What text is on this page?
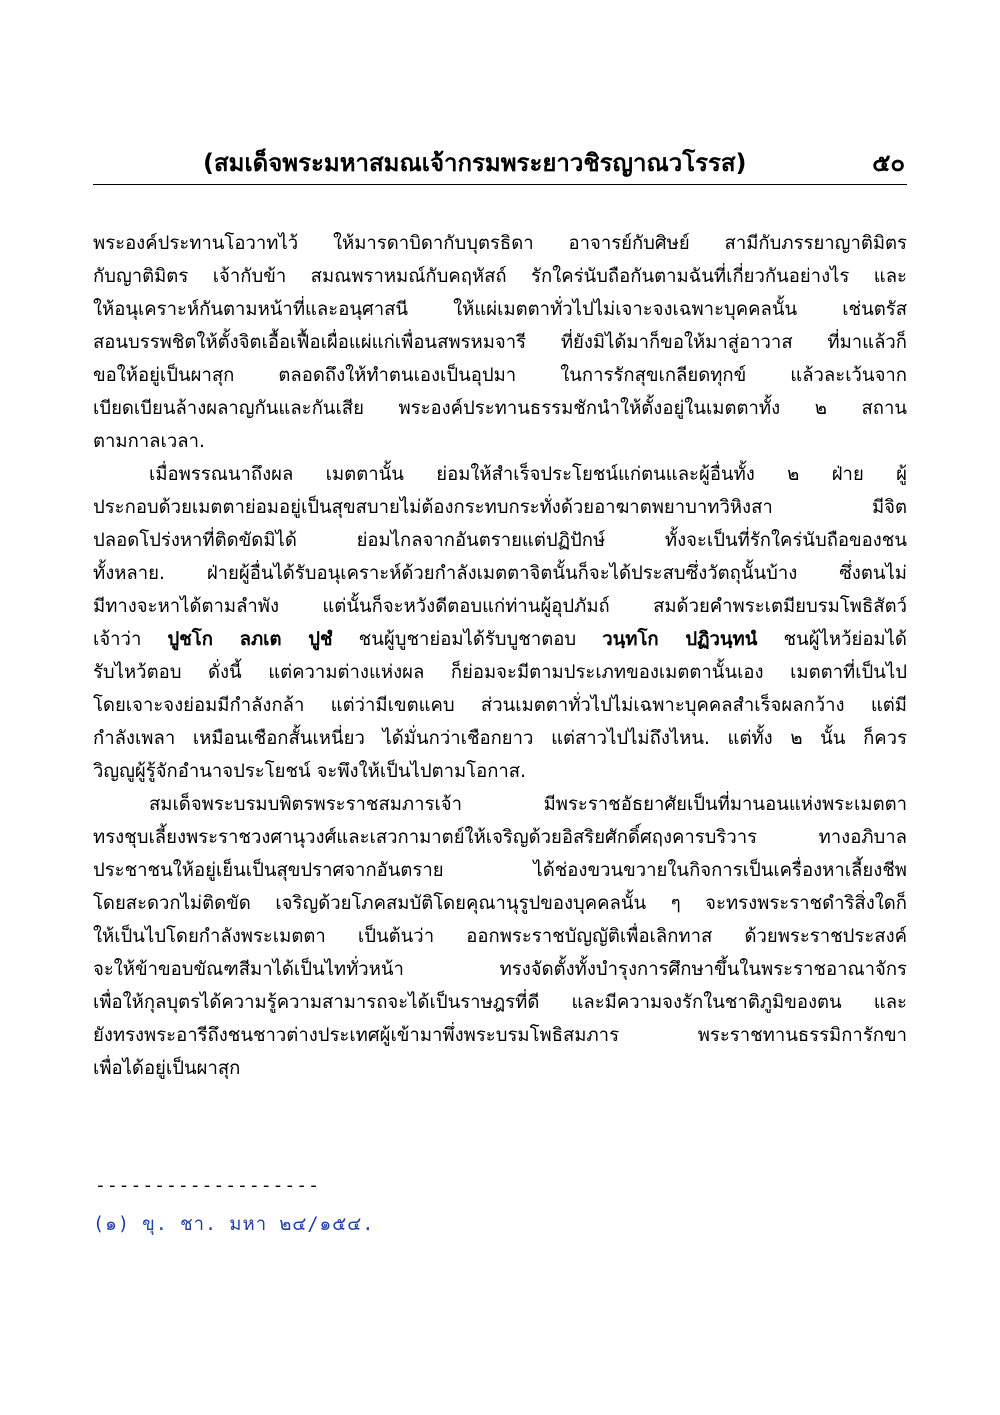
(สมเด็จพระมหาสมณเจ้ากรมพระยาวชิรญาณวโรรส)	๕๐
พระองค์ประทานโอวาทไว้ ให้มารดาบิดากับบุตรธิดา อาจารย์กับศิษย์ สามีกับภรรยาญาติมิตร
กับญาติมิตร เจ้ากับข้า สมณพราหมณ์กับคฤหัสถ์ รักใคร่นับถือกันตามฉันที่เกี่ยวกันอย่างไร และ
ให้อนุเคราะห์กันตามหน้าที่และอนุศาสนี ให้แผ่เมตตาทั่วไปไม่เจาะจงเฉพาะบุคคลนั้น เช่นตรัส
สอนบรรพชิตให้ตั้งจิตเอื้อเฟื้อเผื่อแผ่แก่เพื่อนสพรหมจารี ที่ยังมิได้มาก็ขอให้มาสู่อาวาส ที่มาแล้วก็
ขอให้อยู่เป็นผาสุก ตลอดถึงให้ทำตนเองเป็นอุปมา ในการรักสุขเกลียดทุกข์ แล้วละเว้นจาก
เบียดเบียนล้างผลาญกันและกันเสีย พระองค์ประทานธรรมชักนำให้ตั้งอยู่ในเมตตาทั้ง ๒ สถาน
ตามกาลเวลา.
เมื่อพรรณนาถึงผล เมตตานั้น ย่อมให้สำเร็จประโยชน์แก่ตนและผู้อื่นทั้ง ๒ ฝ่าย ผู้
ประกอบด้วยเมตตาย่อมอยู่เป็นสุขสบายไม่ต้องกระทบกระทั่งด้วยอาฆาตพยาบาทวิหิงสา มีจิต
ปลอดโปร่งหาที่ติดขัดมิได้ ย่อมไกลจากอันตรายแต่ปฏิปักษ์ ทั้งจะเป็นที่รักใคร่นับถือของชน
ทั้งหลาย. ฝ่ายผู้อื่นได้รับอนุเคราะห์ด้วยกำลังเมตตาจิตนั้นก็จะได้ประสบซึ่งวัตถุนั้นบ้าง ซึ่งตนไม่
มีทางจะหาได้ตามลำพัง แต่นั้นก็จะหวังดีตอบแก่ท่านผู้อุปภัมถ์ สมด้วยคำพระเตมียบรมโพธิสัตว์
เจ้าว่า ปูชโก ลภเต ปูชํ ชนผู้บูชาย่อมได้รับบูชาตอบ วนฺทโก ปฏิวนฺทนํ ชนผู้ไหว้ย่อมได้
รับไหว้ตอบ ดั่งนี้ แต่ความต่างแห่งผล ก็ย่อมจะมีตามประเภทของเมตตานั้นเอง เมตตาที่เป็นไป
โดยเจาะจงย่อมมีกำลังกล้า แต่ว่ามีเขตแคบ ส่วนเมตตาทั่วไปไม่เฉพาะบุคคลสำเร็จผลกว้าง แต่มี
กำลังเพลา เหมือนเชือกสั้นเหนี่ยว ได้มั่นกว่าเชือกยาว แต่สาวไปไม่ถึงไหน. แต่ทั้ง ๒ นั้น ก็ควร
วิญญูผู้รู้จักอำนาจประโยชน์ จะพึงให้เป็นไปตามโอกาส.
สมเด็จพระบรมบพิตรพระราชสมภารเจ้า มีพระราชอัธยาศัยเป็นที่มานอนแห่งพระเมตตา
ทรงชุบเลี้ยงพระราชวงศานุวงศ์และเสวกามาตย์ให้เจริญด้วยอิสริยศักดิ์ศฤงคารบริวาร ทางอภิบาล
ประชาชนให้อยู่เย็นเป็นสุขปราศจากอันตราย ได้ช่องขวนขวายในกิจการเป็นเครื่องหาเลี้ยงชีพ
โดยสะดวกไม่ติดขัด เจริญด้วยโภคสมบัติโดยคุณานุรูปของบุคคลนั้น ๆ จะทรงพระราชดำริสิ่งใดก็
ให้เป็นไปโดยกำลังพระเมตตา เป็นต้นว่า ออกพระราชบัญญัติเพื่อเลิกทาส ด้วยพระราชประสงค์
จะให้ข้าขอบขัณฑสีมาได้เป็นไททั่วหน้า ทรงจัดตั้งทั้งบำรุงการศึกษาขึ้นในพระราชอาณาจักร
เพื่อให้กุลบุตรได้ความรู้ความสามารถจะได้เป็นราษฎรที่ดี และมีความจงรักในชาติภูมิของตน และ
ยังทรงพระอารีถึงชนชาวต่างประเทศผู้เข้ามาพึ่งพระบรมโพธิสมภาร พระราชทานธรรมิการักขา
เพื่อได้อยู่เป็นผาสุก
-------------------
(๑) ขุ. ชา. มหา ๒๔/๑๕๔.
